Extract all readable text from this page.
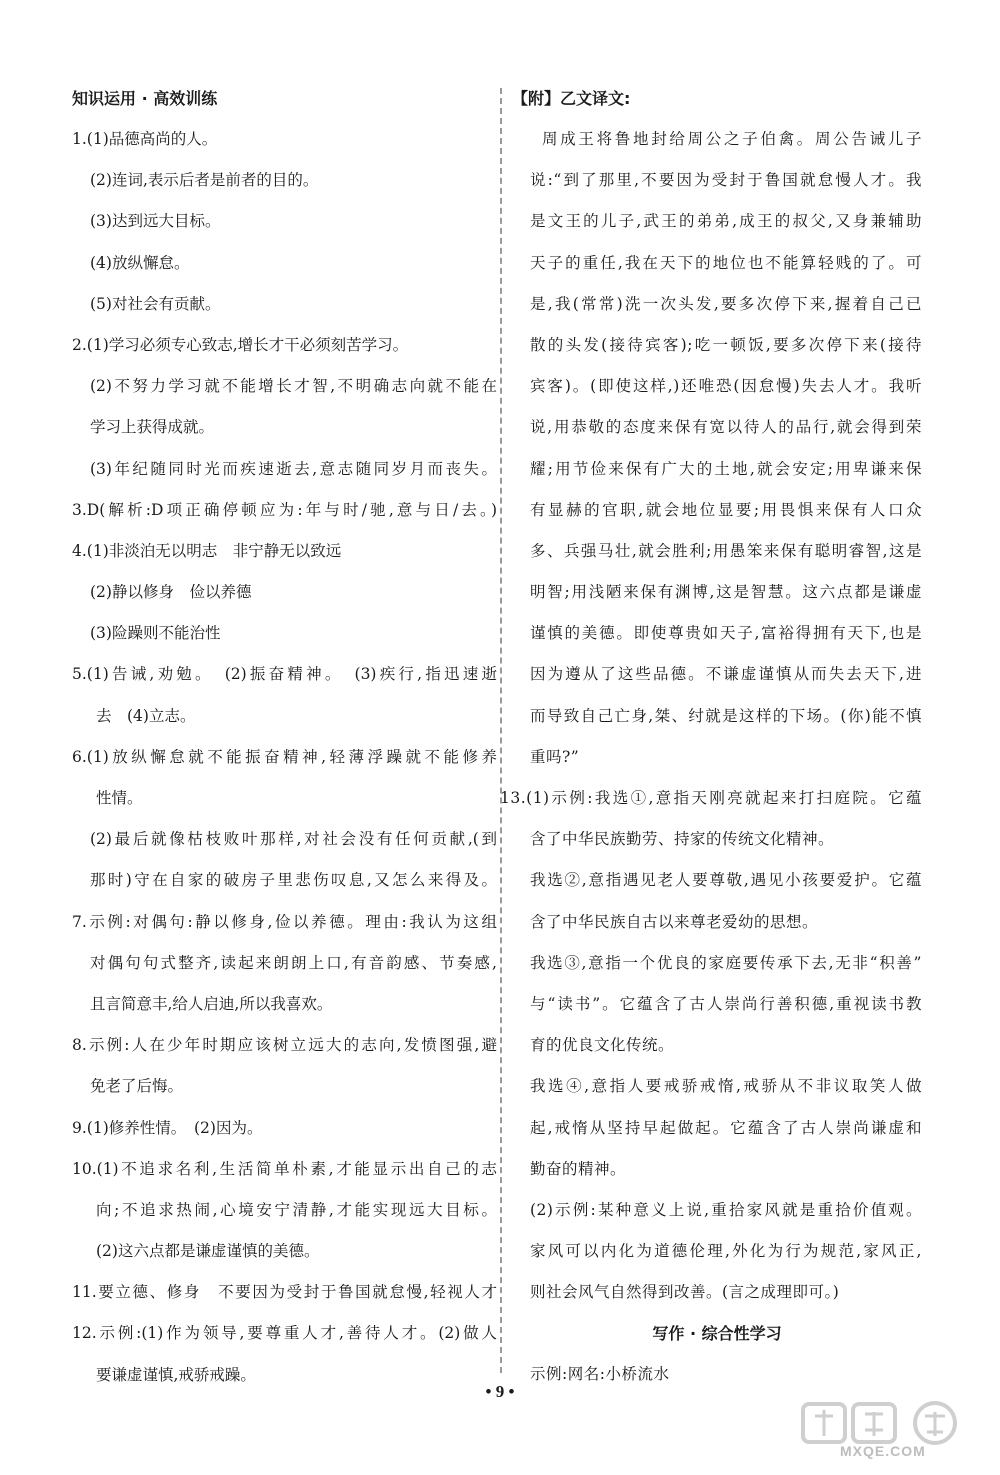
知识运用 · 高效训练
1.(1)品德高尚的人。
(2)连词,表示后者是前者的目的。
(3)达到远大目标。
(4)放纵懈怠。
(5)对社会有贡献。
2.(1)学习必须专心致志,增长才干必须刻苦学习。
(2)不努力学习就不能增长才智,不明确志向就不能在
学习上获得成就。
(3)年纪随同时光而疾速逝去,意志随同岁月而丧失。
3.D(解析:D项正确停顿应为:年与时/驰,意与日/去。)
4.(1)非淡泊无以明志　非宁静无以致远
(2)静以修身　俭以养德
(3)险躁则不能治性
5.(1)告诫,劝勉。　(2)振奋精神。　(3)疾行,指迅速逝
去　(4)立志。
6.(1)放纵懈怠就不能振奋精神,轻薄浮躁就不能修养
性情。
(2)最后就像枯枝败叶那样,对社会没有任何贡献,(到
那时)守在自家的破房子里悲伤叹息,又怎么来得及。
7.示例:对偶句:静以修身,俭以养德。理由:我认为这组
对偶句句式整齐,读起来朗朗上口,有音韵感、节奏感,
且言简意丰,给人启迪,所以我喜欢。
8.示例:人在少年时期应该树立远大的志向,发愤图强,避
免老了后悔。
9.(1)修养性情。　(2)因为。
10.(1)不追求名利,生活简单朴素,才能显示出自己的志
向;不追求热闹,心境安宁清静,才能实现远大目标。
(2)这六点都是谦虚谨慎的美德。
11.要立德、修身　不要因为受封于鲁国就怠慢,轻视人才
12.示例:(1)作为领导,要尊重人才,善待人才。(2)做人
要谦虚谨慎,戒骄戒躁。
【附】乙文译文:
周成王将鲁地封给周公之子伯禽。周公告诫儿子
说:“到了那里,不要因为受封于鲁国就怠慢人才。我
是文王的儿子,武王的弟弟,成王的叔父,又身兼辅助
天子的重任,我在天下的地位也不能算轻贱的了。可
是,我(常常)洗一次头发,要多次停下来,握着自己已
散的头发(接待宾客);吃一顿饭,要多次停下来(接待
宾客)。(即使这样,)还唯恐(因怠慢)失去人才。我听
说,用恭敬的态度来保有宽以待人的品行,就会得到荣
耀;用节俭来保有广大的土地,就会安定;用卑谦来保
有显赫的官职,就会地位显要;用畏惧来保有人口众
多、兵强马壮,就会胜利;用愚笨来保有聪明睿智,这是
明智;用浅陋来保有渊博,这是智慧。这六点都是谦虚
谨慎的美德。即使尊贵如天子,富裕得拥有天下,也是
因为遵从了这些品德。不谦虚谨慎从而失去天下,进
而导致自己亡身,桀、纣就是这样的下场。(你)能不慎
重吗?”
13.(1)示例:我选①,意指天刚亮就起来打扫庭院。它蕴
含了中华民族勤劳、持家的传统文化精神。
我选②,意指遇见老人要尊敬,遇见小孩要爱护。它蕴
含了中华民族自古以来尊老爱幼的思想。
我选③,意指一个优良的家庭要传承下去,无非“积善”
与“读书”。它蕴含了古人崇尚行善积德,重视读书教
育的优良文化传统。
我选④,意指人要戒骄戒惰,戒骄从不非议取笑人做
起,戒惰从坚持早起做起。它蕴含了古人崇尚谦虚和
勤奋的精神。
(2)示例:某种意义上说,重拾家风就是重拾价值观。
家风可以内化为道德伦理,外化为行为规范,家风正,
则社会风气自然得到改善。(言之成理即可。)
写作 · 综合性学习
示例:网名:小桥流水
• 9 •
MXQE.COM
